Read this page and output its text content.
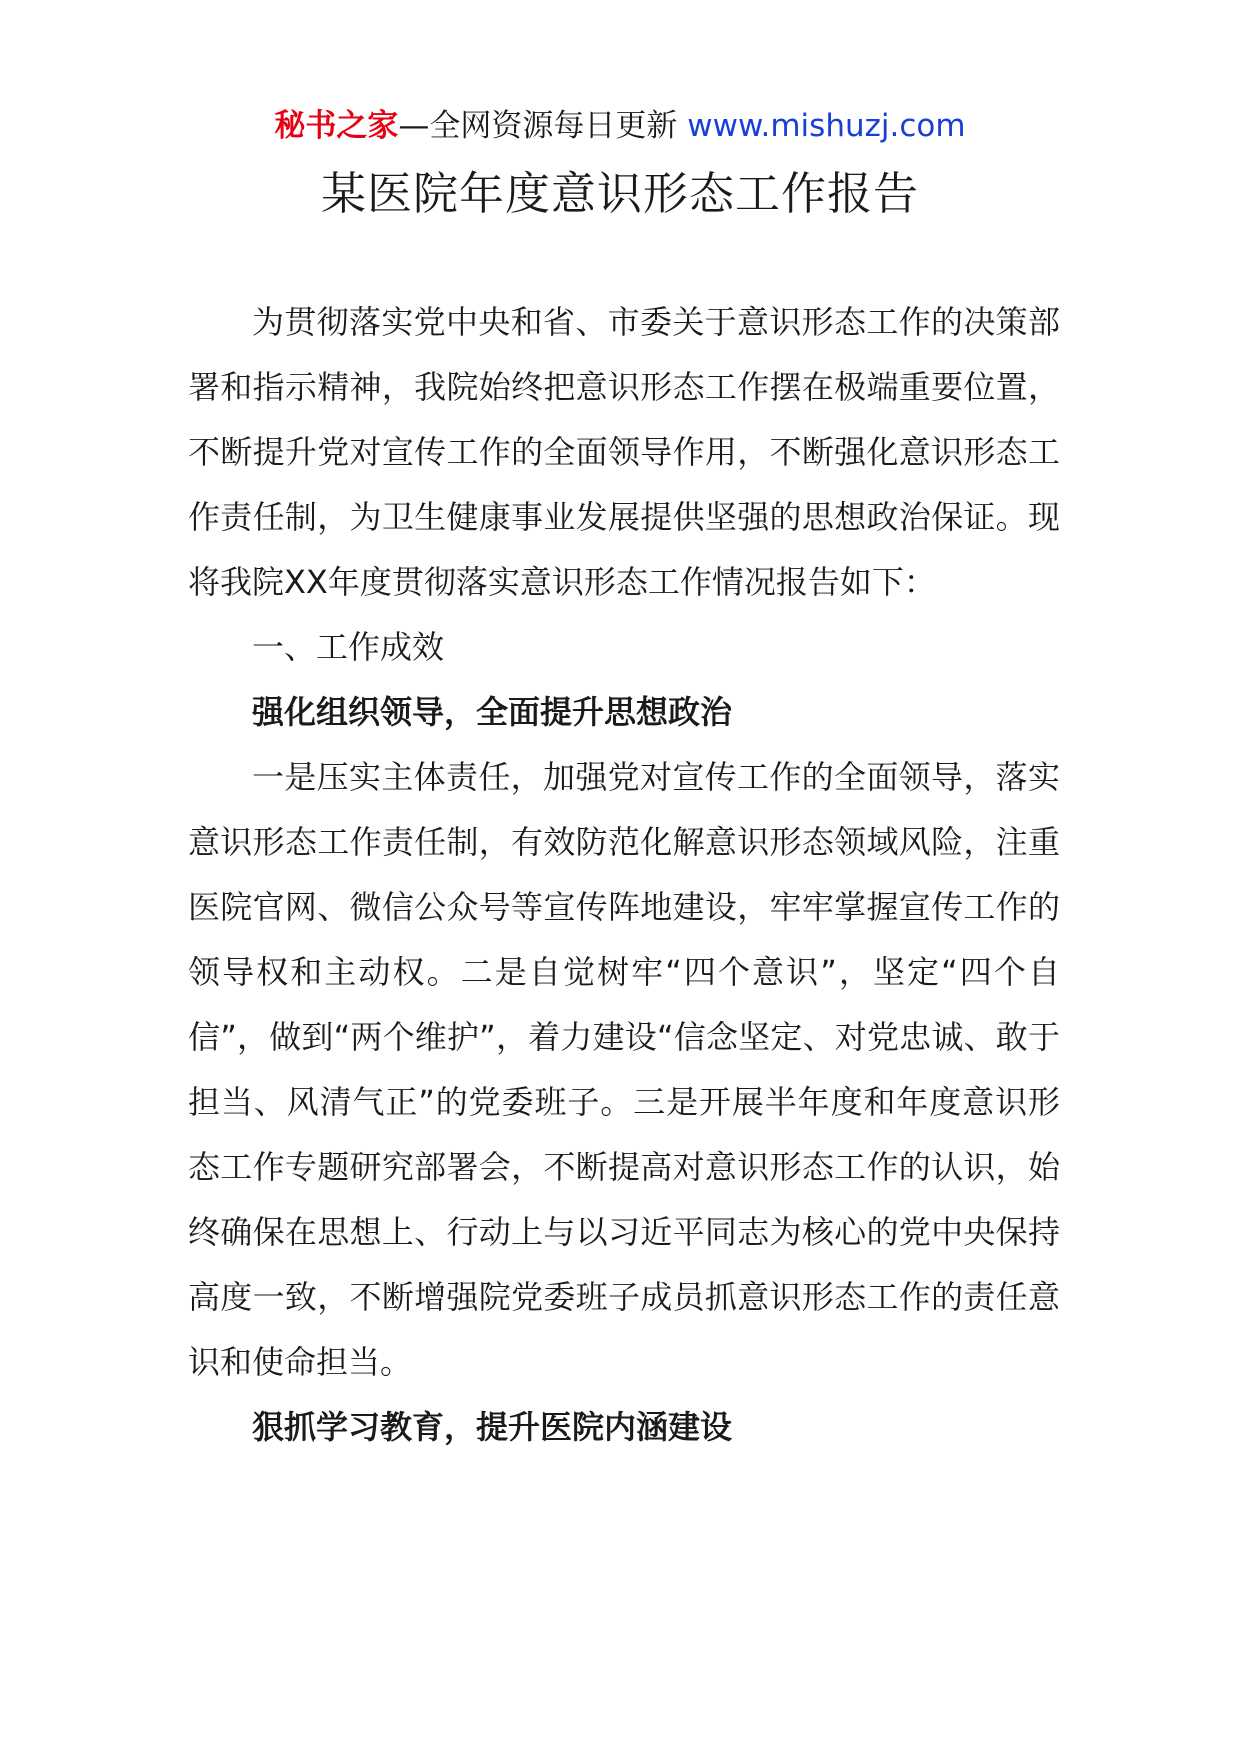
秘书之家—全网资源每日更新 www.mishuzj.com
某医院年度意识形态工作报告

为贯彻落实党中央和省、市委关于意识形态工作的决策部署和指示精神，我院始终把意识形态工作摆在极端重要位置，不断提升党对宣传工作的全面领导作用，不断强化意识形态工作责任制，为卫生健康事业发展提供坚强的思想政治保证。现将我院XX年度贯彻落实意识形态工作情况报告如下：

一、工作成效

强化组织领导，全面提升思想政治

一是压实主体责任，加强党对宣传工作的全面领导，落实意识形态工作责任制，有效防范化解意识形态领域风险，注重医院官网、微信公众号等宣传阵地建设，牢牢掌握宣传工作的领导权和主动权。二是自觉树牢“四个意识”，坚定“四个自信”，做到“两个维护”，着力建设“信念坚定、对党忠诚、敢于担当、风清气正”的党委班子。三是开展半年度和年度意识形态工作专题研究部署会，不断提高对意识形态工作的认识，始终确保在思想上、行动上与以习近平同志为核心的党中央保持高度一致，不断增强院党委班子成员抓意识形态工作的责任意识和使命担当。

狠抓学习教育，提升医院内涵建设
